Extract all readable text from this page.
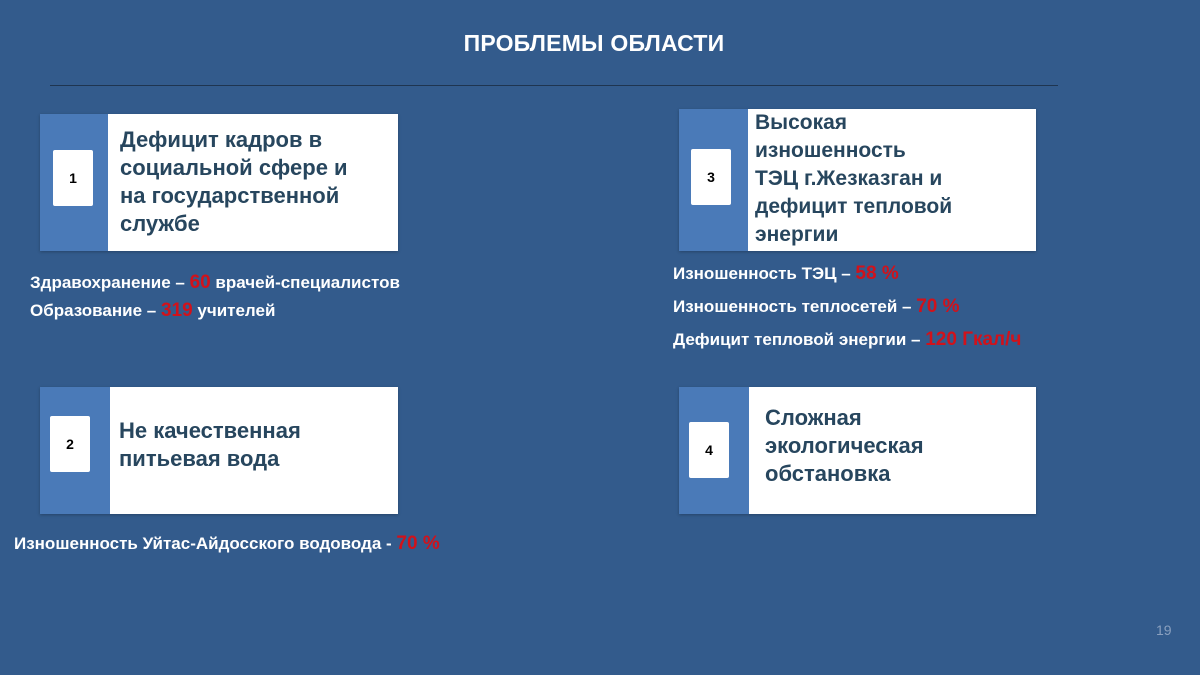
ПРОБЛЕМЫ ОБЛАСТИ
1
Дефицит кадров в
социальной сфере и
на государственной
службе
Здравохранение – 60 врачей-специалистов
Образование – 319 учителей
2
Не качественная
питьевая вода
Изношенность Уйтас-Айдосского водовода - 70 %
3
Высокая
изношенность
ТЭЦ г.Жезказган и
дефицит тепловой
энергии
Изношенность ТЭЦ – 58 %
Изношенность теплосетей – 70 %
Дефицит тепловой энергии – 120 Гкал/ч
4
Сложная
экологическая
обстановка
19
